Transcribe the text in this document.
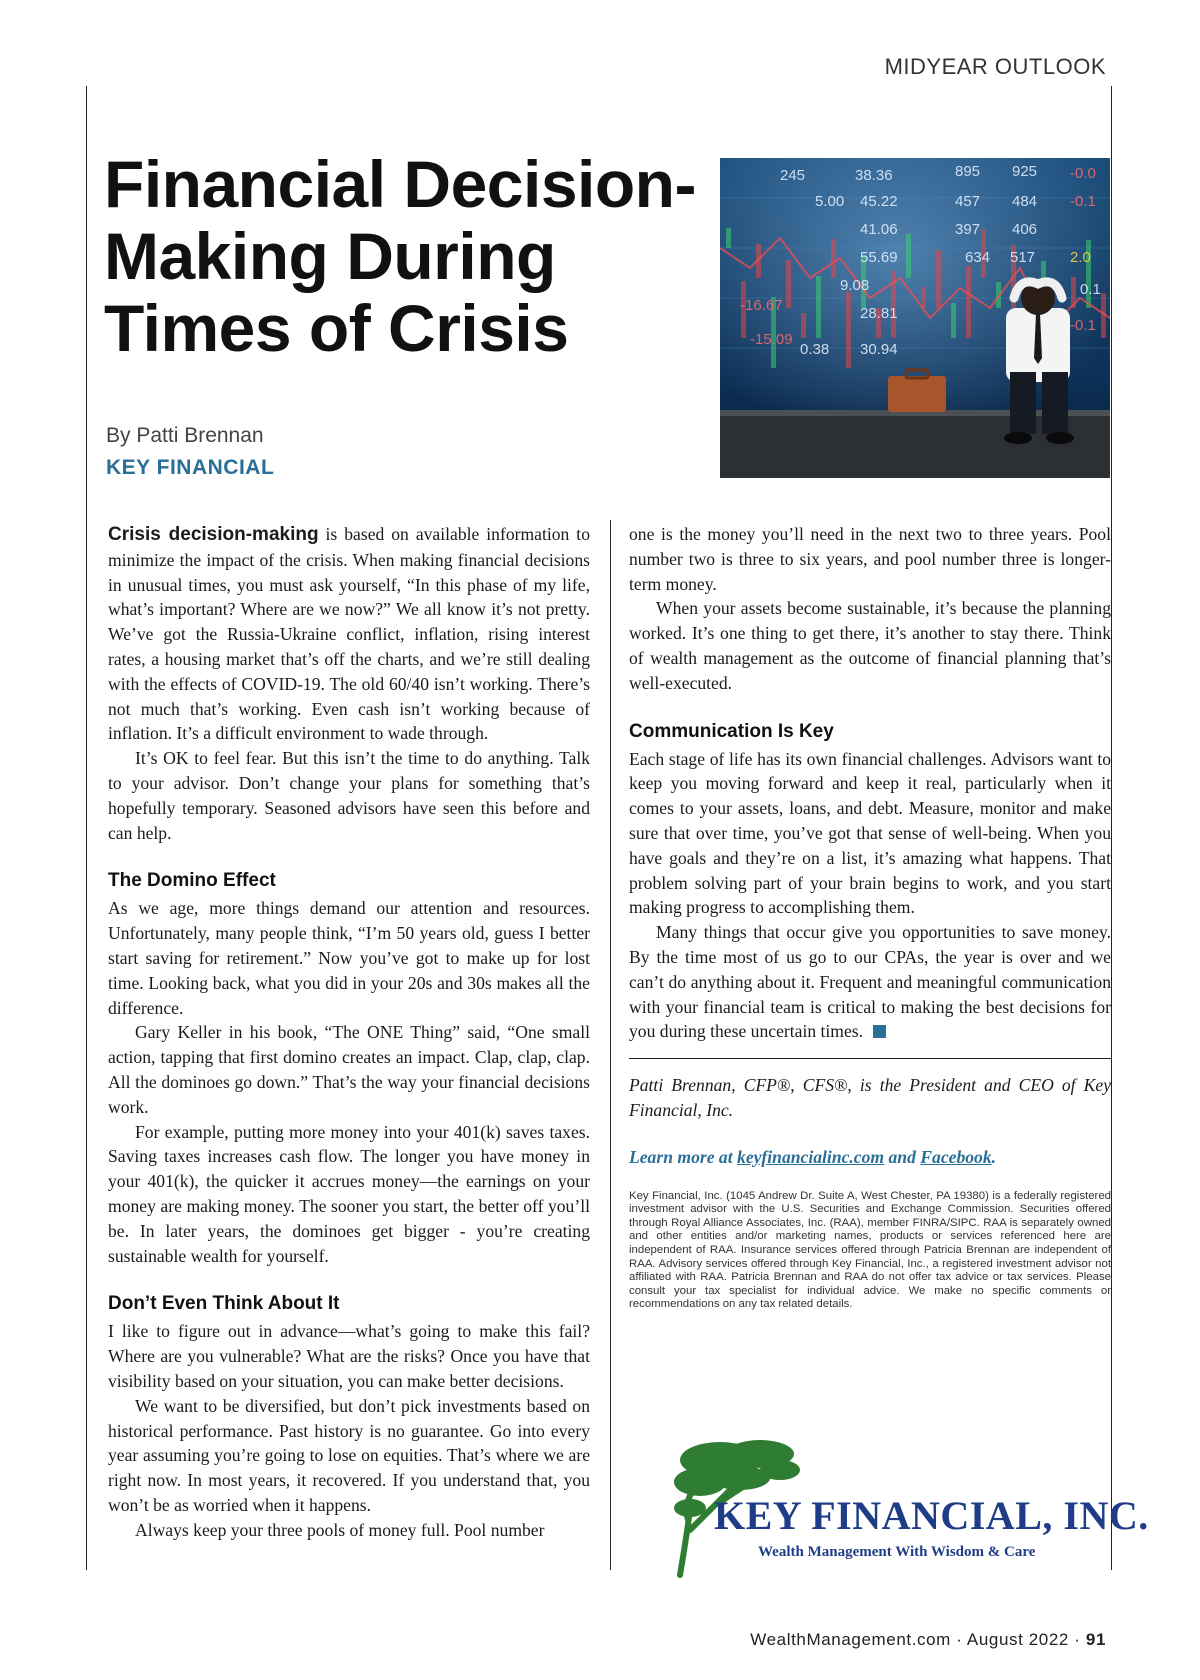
MIDYEAR OUTLOOK
Financial Decision-Making During Times of Crisis
38.36	895 925
5.00 45.22	457 484
41.06	397 406
55.69	634 517 2.0
9.08	0.1
28.81
-0.1
0.38 30.94
-0.0
-0.1
245
-16.67
-15.09
By Patti Brennan
KEY FINANCIAL

Crisis decision-making is based on available information to minimize the impact of the crisis. When making financial decisions in unusual times, you must ask yourself, “In this phase of my life, what’s important? Where are we now?” We all know it’s not pretty. We’ve got the Russia-Ukraine conflict, inflation, rising interest rates, a housing market that’s off the charts, and we’re still dealing with the effects of COVID-19. The old 60/40 isn’t working. There’s not much that’s working. Even cash isn’t working because of inflation. It’s a difficult environment to wade through.

It’s OK to feel fear. But this isn’t the time to do anything. Talk to your advisor. Don’t change your plans for something that’s hopefully temporary. Seasoned advisors have seen this before and can help.

The Domino Effect

As we age, more things demand our attention and resources. Unfortunately, many people think, “I’m 50 years old, guess I better start saving for retirement.” Now you’ve got to make up for lost time. Looking back, what you did in your 20s and 30s makes all the difference.

Gary Keller in his book, “The ONE Thing” said, “One small action, tapping that first domino creates an impact. Clap, clap, clap. All the dominoes go down.” That’s the way your financial decisions work.

For example, putting more money into your 401(k) saves taxes. Saving taxes increases cash flow. The longer you have money in your 401(k), the quicker it accrues money—the earnings on your money are making money. The sooner you start, the better off you’ll be. In later years, the dominoes get bigger - you’re creating sustainable wealth for yourself.

Don’t Even Think About It

I like to figure out in advance—what’s going to make this fail? Where are you vulnerable? What are the risks? Once you have that visibility based on your situation, you can make better decisions.

We want to be diversified, but don’t pick investments based on historical performance. Past history is no guarantee. Go into every year assuming you’re going to lose on equities. That’s where we are right now. In most years, it recovered. If you understand that, you won’t be as worried when it happens.

Always keep your three pools of money full. Pool number

one is the money you’ll need in the next two to three years. Pool number two is three to six years, and pool number three is longer-term money.

When your assets become sustainable, it’s because the planning worked. It’s one thing to get there, it’s another to stay there. Think of wealth management as the outcome of financial planning that’s well-executed.

Communication Is Key

Each stage of life has its own financial challenges. Advisors want to keep you moving forward and keep it real, particularly when it comes to your assets, loans, and debt. Measure, monitor and make sure that over time, you’ve got that sense of well-being. When you have goals and they’re on a list, it’s amazing what happens. That problem solving part of your brain begins to work, and you start making progress to accomplishing them.

Many things that occur give you opportunities to save money. By the time most of us go to our CPAs, the year is over and we can’t do anything about it. Frequent and meaningful communication with your financial team is critical to making the best decisions for you during these uncertain times.

Patti Brennan, CFP®, CFS®, is the President and CEO of Key Financial, Inc.

Learn more at keyfinancialinc.com and Facebook.

Key Financial, Inc. (1045 Andrew Dr. Suite A, West Chester, PA 19380) is a federally registered investment advisor with the U.S. Securities and Exchange Commission. Securities offered through Royal Alliance Associates, Inc. (RAA), member FINRA/SIPC. RAA is separately owned and other entities and/or marketing names, products or services referenced here are independent of RAA. Insurance services offered through Patricia Brennan are independent of RAA. Advisory services offered through Key Financial, Inc., a registered investment advisor not affiliated with RAA. Patricia Brennan and RAA do not offer tax advice or tax services. Please consult your tax specialist for individual advice. We make no specific comments or recommendations on any tax related details.

KEY FINANCIAL, INC.
Wealth Management With Wisdom & Care
WealthManagement.com · August 2022 · 91
